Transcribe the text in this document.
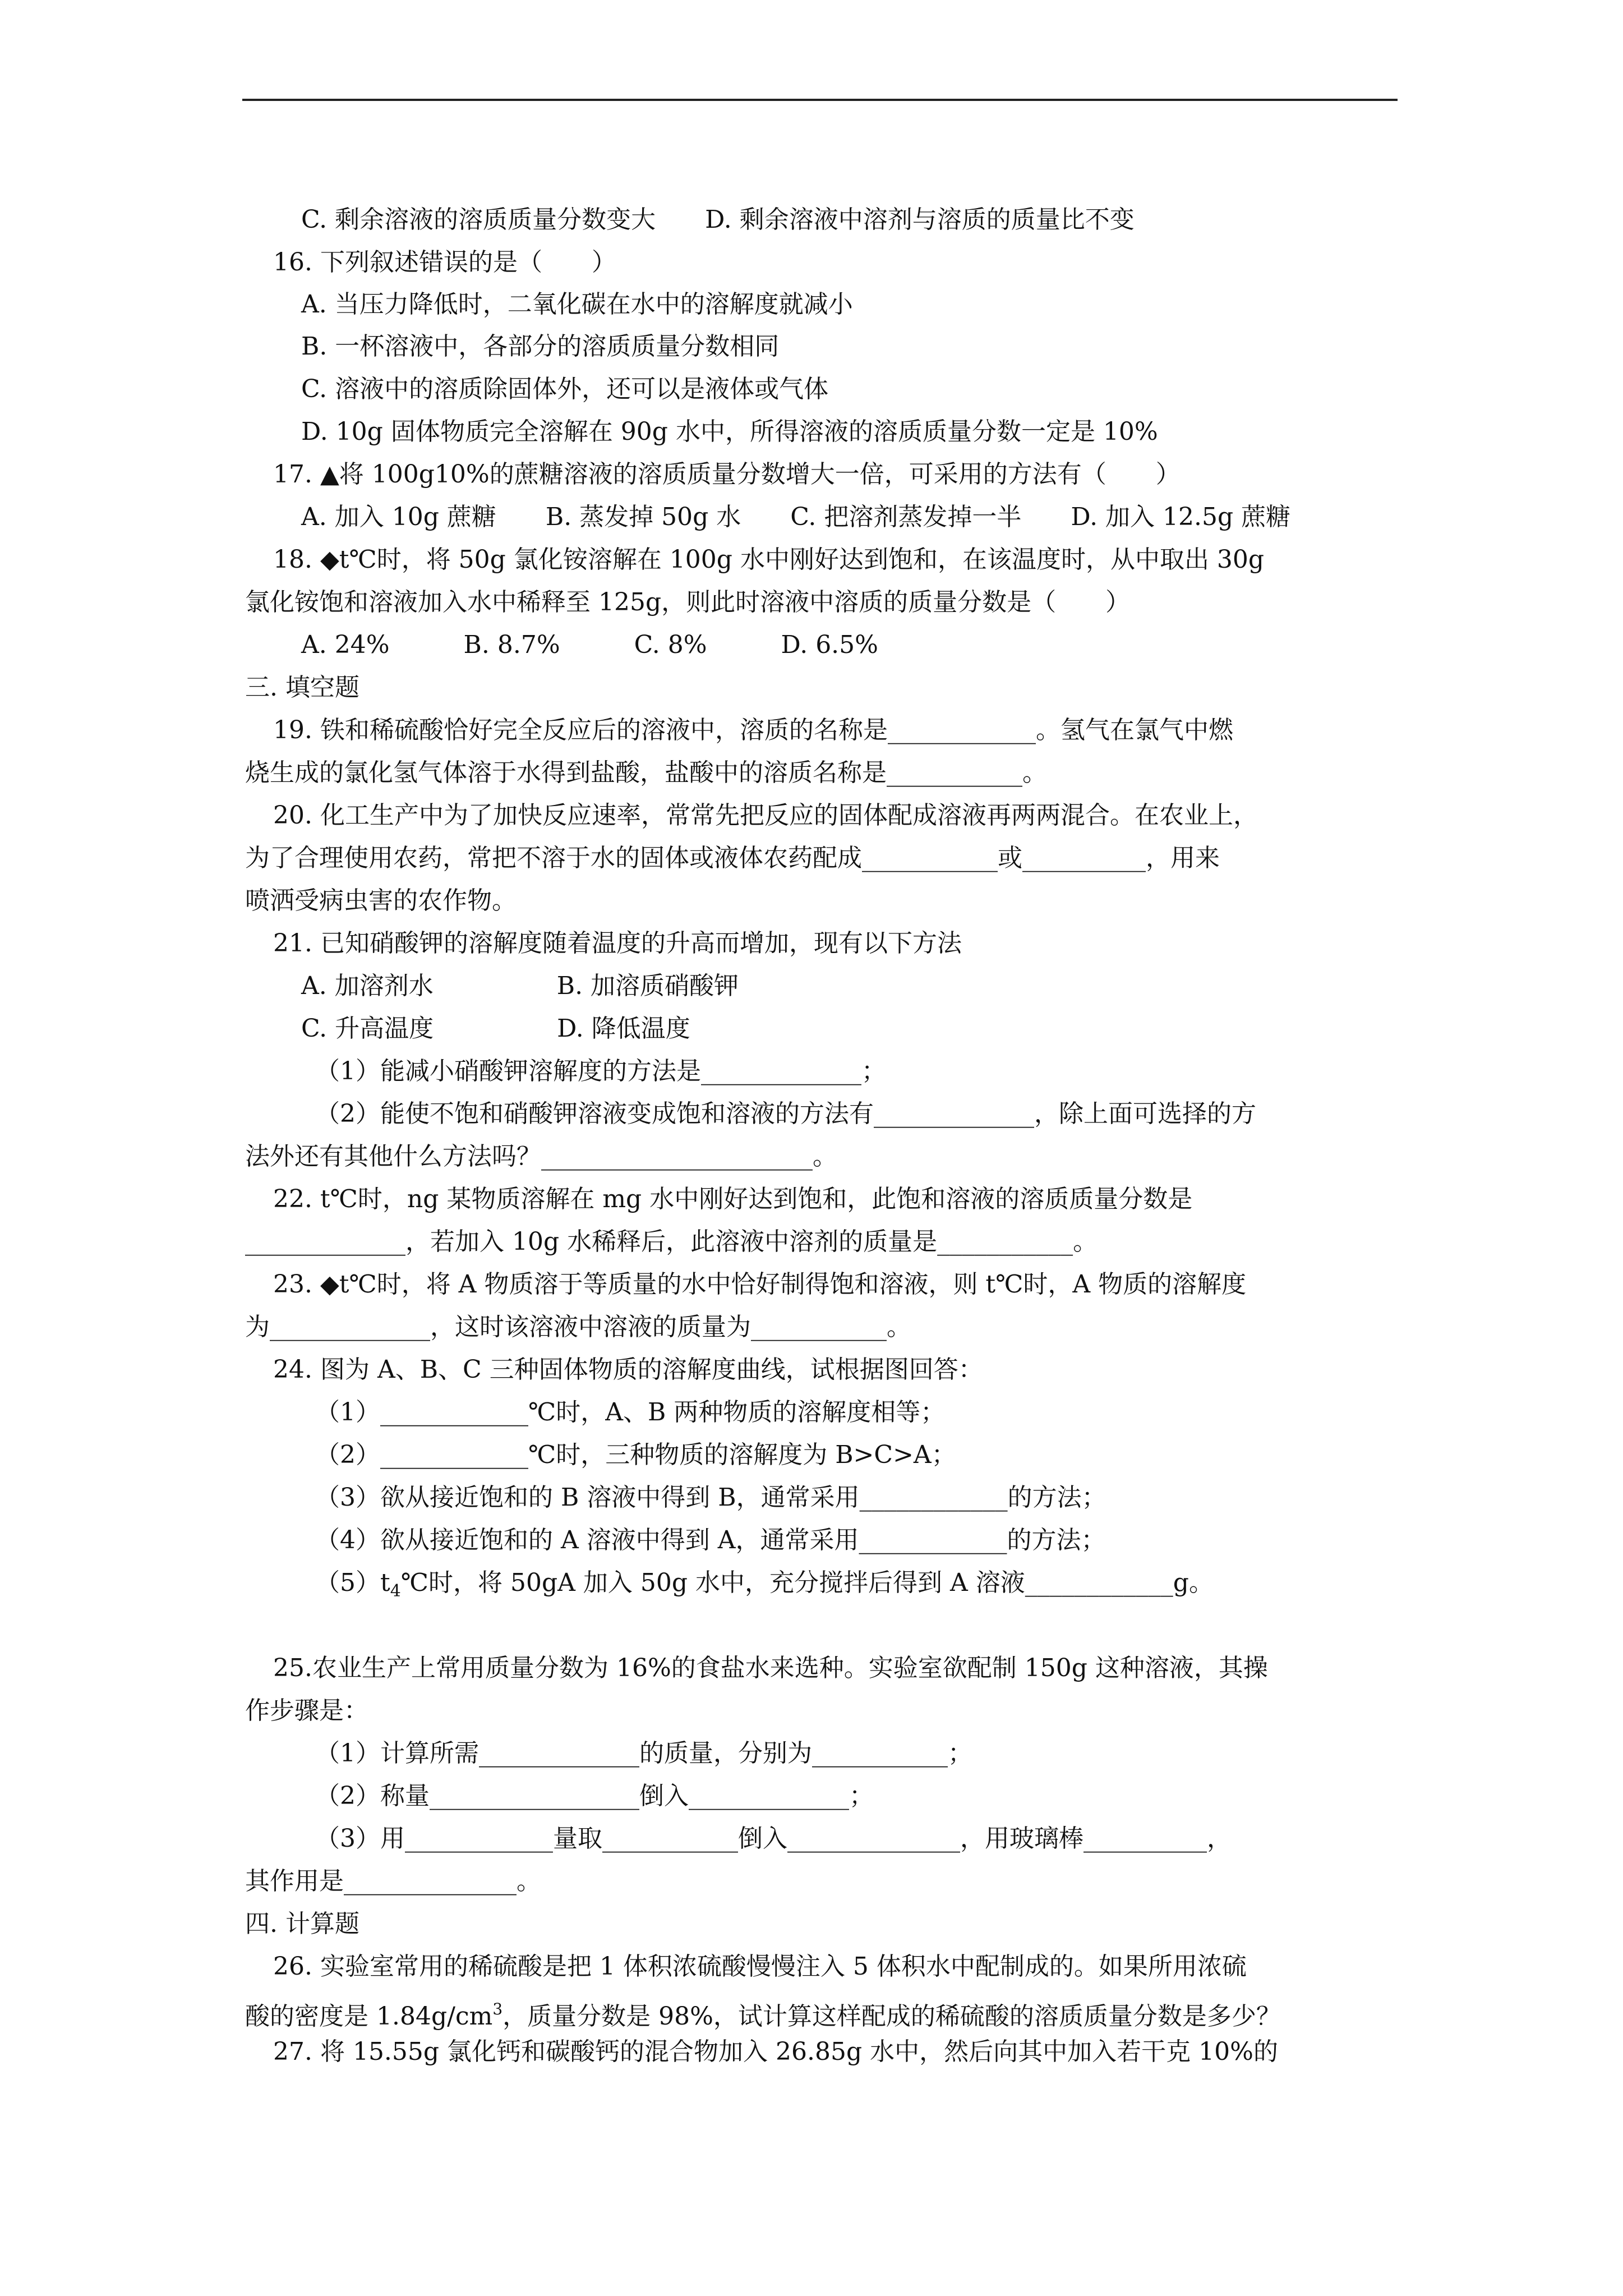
C. 剩余溶液的溶质质量分数变大　　D. 剩余溶液中溶剂与溶质的质量比不变

16. 下列叙述错误的是（　　）

A. 当压力降低时，二氧化碳在水中的溶解度就减小

B. 一杯溶液中，各部分的溶质质量分数相同

C. 溶液中的溶质除固体外，还可以是液体或气体

D. 10g 固体物质完全溶解在 90g 水中，所得溶液的溶质质量分数一定是 10%

17. ▲将 100g10%的蔗糖溶液的溶质质量分数增大一倍，可采用的方法有（　　）

A. 加入 10g 蔗糖　　B. 蒸发掉 50g 水　　C. 把溶剂蒸发掉一半　　D. 加入 12.5g 蔗糖

18. ◆t℃时，将 50g 氯化铵溶解在 100g 水中刚好达到饱和，在该温度时，从中取出 30g

氯化铵饱和溶液加入水中稀释至 125g，则此时溶液中溶质的质量分数是（　　）

A. 24%　　　B. 8.7%　　　C. 8%　　　D. 6.5%

三. 填空题

19. 铁和稀硫酸恰好完全反应后的溶液中，溶质的名称是____________。氢气在氯气中燃

烧生成的氯化氢气体溶于水得到盐酸，盐酸中的溶质名称是___________。

20. 化工生产中为了加快反应速率，常常先把反应的固体配成溶液再两两混合。在农业上，

为了合理使用农药，常把不溶于水的固体或液体农药配成___________或__________，用来

喷洒受病虫害的农作物。

21. 已知硝酸钾的溶解度随着温度的升高而增加，现有以下方法

A. 加溶剂水　　　　　B. 加溶质硝酸钾

C. 升高温度　　　　　D. 降低温度

（1）能减小硝酸钾溶解度的方法是_____________；

（2）能使不饱和硝酸钾溶液变成饱和溶液的方法有_____________，除上面可选择的方

法外还有其他什么方法吗？______________________。

22. t℃时，ng 某物质溶解在 mg 水中刚好达到饱和，此饱和溶液的溶质质量分数是

_____________，若加入 10g 水稀释后，此溶液中溶剂的质量是___________。

23. ◆t℃时，将 A 物质溶于等质量的水中恰好制得饱和溶液，则 t℃时，A 物质的溶解度

为_____________，这时该溶液中溶液的质量为___________。

24. 图为 A、B、C 三种固体物质的溶解度曲线，试根据图回答：

（1）____________℃时，A、B 两种物质的溶解度相等；

（2）____________℃时，三种物质的溶解度为 B>C>A；

（3）欲从接近饱和的 B 溶液中得到 B，通常采用____________的方法；

（4）欲从接近饱和的 A 溶液中得到 A，通常采用____________的方法；

$(5)t_4℃$时，将 50gA 加入 50g 水中，充分搅拌后得到 A 溶液____________g。

25.农业生产上常用质量分数为 16%的食盐水来选种。实验室欲配制 150g 这种溶液，其操

作步骤是：

（1）计算所需_____________的质量，分别为___________；

（2）称量_________________倒入_____________；

（3）用____________量取___________倒入______________，用玻璃棒__________，

其作用是______________。

四. 计算题

26. 实验室常用的稀硫酸是把 1 体积浓硫酸慢慢注入 5 体积水中配制成的。如果所用浓硫

酸的密度是 $1.84g/cm^3$，质量分数是 98%，试计算这样配成的稀硫酸的溶质质量分数是多少？

27. 将 15.55g 氯化钙和碳酸钙的混合物加入 26.85g 水中，然后向其中加入若干克 10%的
